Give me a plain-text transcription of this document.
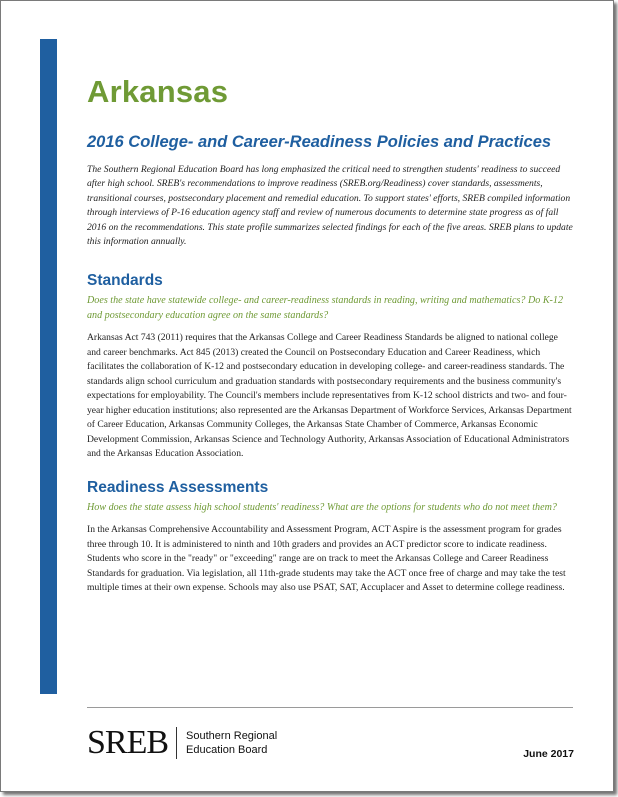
Arkansas
2016 College- and Career-Readiness Policies and Practices

The Southern Regional Education Board has long emphasized the critical need to strengthen students' readiness to succeed after high school. SREB's recommendations to improve readiness (SREB.org/Readiness) cover standards, assessments, transitional courses, postsecondary placement and remedial education. To support states' efforts, SREB compiled information through interviews of P-16 education agency staff and review of numerous documents to determine state progress as of fall 2016 on the recommendations. This state profile summarizes selected findings for each of the five areas. SREB plans to update this information annually.

Standards

Does the state have statewide college- and career-readiness standards in reading, writing and mathematics? Do K-12 and postsecondary education agree on the same standards?

Arkansas Act 743 (2011) requires that the Arkansas College and Career Readiness Standards be aligned to national college and career benchmarks. Act 845 (2013) created the Council on Postsecondary Education and Career Readiness, which facilitates the collaboration of K-12 and postsecondary education in developing college- and career-readiness standards. The standards align school curriculum and graduation standards with postsecondary requirements and the business community's expectations for employability. The Council's members include representatives from K-12 school districts and two- and four-year higher education institutions; also represented are the Arkansas Department of Workforce Services, Arkansas Department of Career Education, Arkansas Community Colleges, the Arkansas State Chamber of Commerce, Arkansas Economic Development Commission, Arkansas Science and Technology Authority, Arkansas Association of Educational Administrators and the Arkansas Education Association.

Readiness Assessments

How does the state assess high school students' readiness? What are the options for students who do not meet them?

In the Arkansas Comprehensive Accountability and Assessment Program, ACT Aspire is the assessment program for grades three through 10. It is administered to ninth and 10th graders and provides an ACT predictor score to indicate readiness. Students who score in the "ready" or "exceeding" range are on track to meet the Arkansas College and Career Readiness Standards for graduation. Via legislation, all 11th-grade students may take the ACT once free of charge and may take the test multiple times at their own expense. Schools may also use PSAT, SAT, Accuplacer and Asset to determine college readiness.

SREB Southern Regional
Education Board	June 2017
